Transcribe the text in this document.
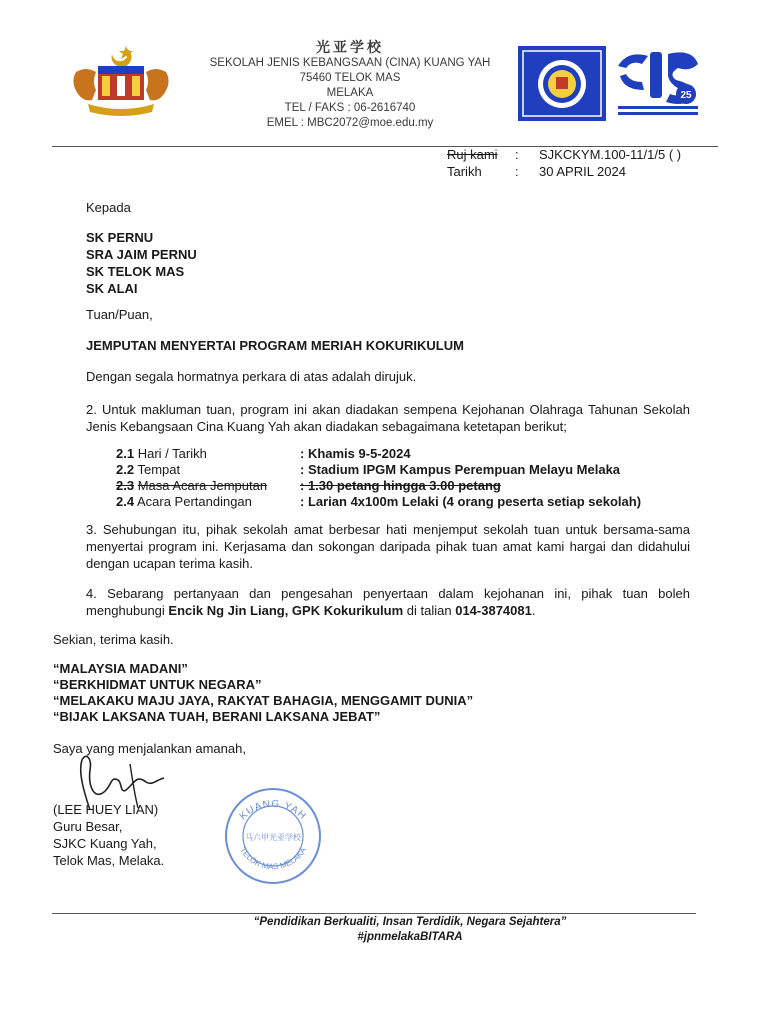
光亚学校
SEKOLAH JENIS KEBANGSAAN (CINA) KUANG YAH
75460 TELOK MAS
MELAKA
TEL / FAKS : 06-2616740
EMEL : MBC2072@moe.edu.my
25
Ruj kami : SJKCKYM.100-11/1/5 ( )
Tarikh	: 30 APRIL 2024
Kepada
SK PERNU
SRA JAIM PERNU
SK TELOK MAS
SK ALAI
Tuan/Puan,
JEMPUTAN MENYERTAI PROGRAM MERIAH KOKURIKULUM
Dengan segala hormatnya perkara di atas adalah dirujuk.
2. Untuk makluman tuan, program ini akan diadakan sempena Kejohanan Olahraga Tahunan Sekolah Jenis Kebangsaan Cina Kuang Yah akan diadakan sebagaimana ketetapan berikut;
2.1 Hari / Tarikh	: Khamis 9-5-2024
2.2 Tempat	: Stadium IPGM Kampus Perempuan Melayu Melaka
2.3 Masa Acara Jemputan	: 1.30 petang hingga 3.00 petang
2.4 Acara Pertandingan	: Larian 4x100m Lelaki (4 orang peserta setiap sekolah)
3. Sehubungan itu, pihak sekolah amat berbesar hati menjemput sekolah tuan untuk bersama-sama menyertai program ini. Kerjasama dan sokongan daripada pihak tuan amat kami hargai dan didahului dengan ucapan terima kasih.
4. Sebarang pertanyaan dan pengesahan penyertaan dalam kejohanan ini, pihak tuan boleh menghubungi Encik Ng Jin Liang, GPK Kokurikulum di talian 014-3874081.
Sekian, terima kasih.
“MALAYSIA MADANI”
“BERKHIDMAT UNTUK NEGARA”
“MELAKAKU MAJU JAYA, RAKYAT BAHAGIA, MENGGAMIT DUNIA”
“BIJAK LAKSANA TUAH, BERANI LAKSANA JEBAT”
Saya yang menjalankan amanah,
(LEE HUEY LIAN)
Guru Besar,
SJKC Kuang Yah,
Telok Mas, Melaka.
KUANG YAH
TELOK MAS MELAKA
马六甲光亚学校
“Pendidikan Berkualiti, Insan Terdidik, Negara Sejahtera”
#jpnmelakaBITARA
